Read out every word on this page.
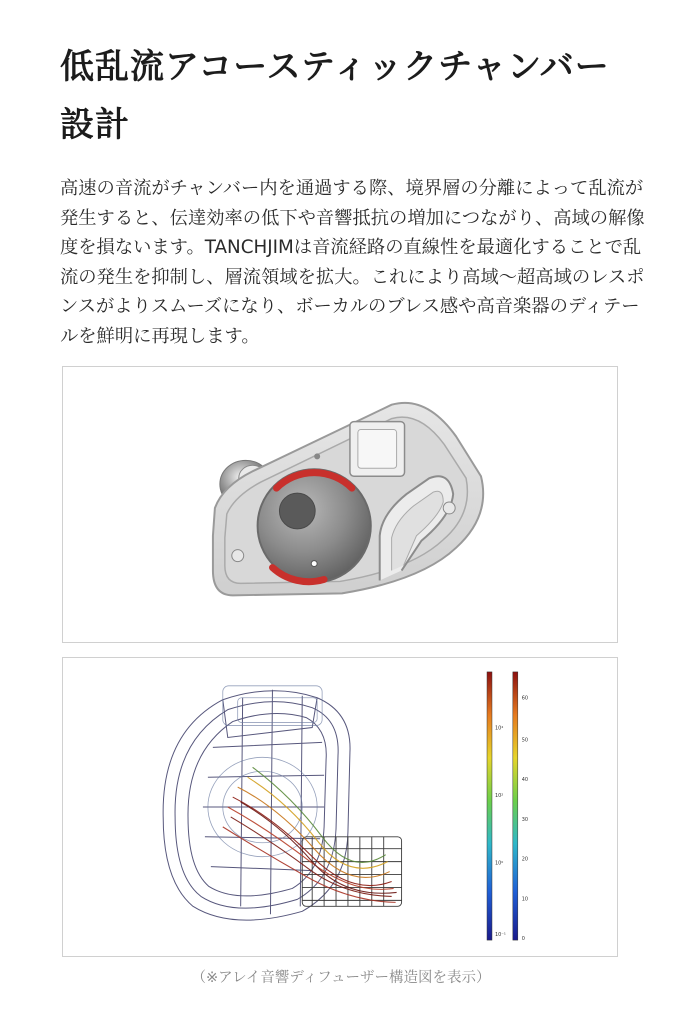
低乱流アコースティックチャンバー設計

高速の音流がチャンバー内を通過する際、境界層の分離によって乱流が発生すると、伝達効率の低下や音響抵抗の増加につながり、高域の解像度を損ないます。TANCHJIMは音流経路の直線性を最適化することで乱流の発生を抑制し、層流領域を拡大。これにより高域〜超高域のレスポンスがよりスムーズになり、ボーカルのブレス感や高音楽器のディテールを鮮明に再現します。

10⁴
10²
10⁰
10⁻¹
60
50
40
30
20
10
0

（※アレイ音響ディフューザー構造図を表示）
